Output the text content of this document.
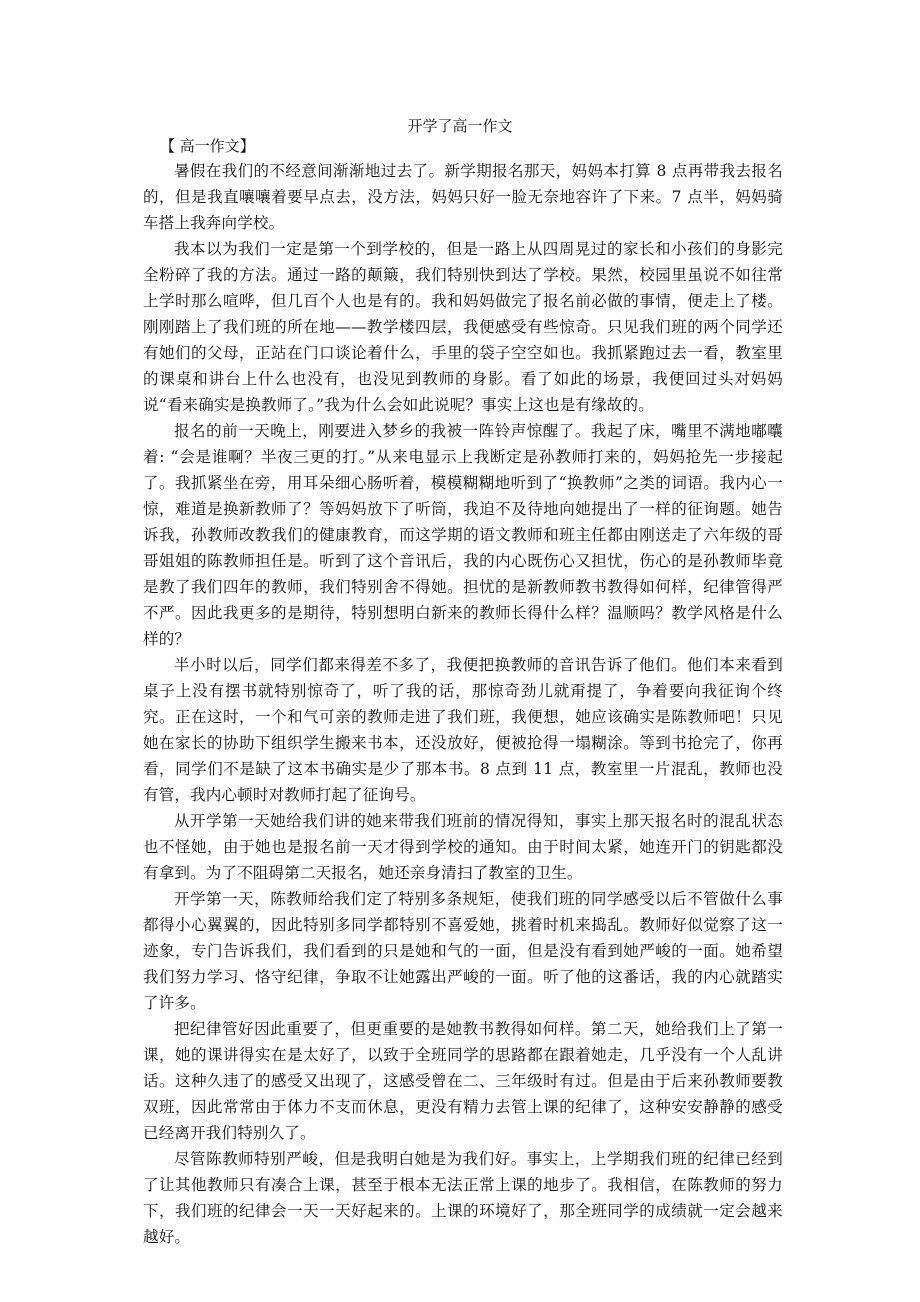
开学了高一作文
【 高一作文】

暑假在我们的不经意间渐渐地过去了。新学期报名那天，妈妈本打算 8 点再带我去报名的，但是我直嚷嚷着要早点去，没方法，妈妈只好一脸无奈地容许了下来。7 点半，妈妈骑车搭上我奔向学校。

我本以为我们一定是第一个到学校的，但是一路上从四周晃过的家长和小孩们的身影完全粉碎了我的方法。通过一路的颠簸，我们特别快到达了学校。果然，校园里虽说不如往常上学时那么喧哗，但几百个人也是有的。我和妈妈做完了报名前必做的事情，便走上了楼。刚刚踏上了我们班的所在地——教学楼四层，我便感受有些惊奇。只见我们班的两个同学还有她们的父母，正站在门口谈论着什么，手里的袋子空空如也。我抓紧跑过去一看，教室里的课桌和讲台上什么也没有，也没见到教师的身影。看了如此的场景，我便回过头对妈妈说“看来确实是换教师了。”我为什么会如此说呢？事实上这也是有缘故的。

报名的前一天晚上，刚要进入梦乡的我被一阵铃声惊醒了。我起了床，嘴里不满地嘟囔着: “会是谁啊？半夜三更的打。”从来电显示上我断定是孙教师打来的，妈妈抢先一步接起了。我抓紧坐在旁，用耳朵细心肠听着，模模糊糊地听到了“换教师”之类的词语。我内心一惊，难道是换新教师了？等妈妈放下了听筒，我迫不及待地向她提出了一样的征询题。她告诉我，孙教师改教我们的健康教育，而这学期的语文教师和班主任都由刚送走了六年级的哥哥姐姐的陈教师担任是。听到了这个音讯后，我的内心既伤心又担忧，伤心的是孙教师毕竟是教了我们四年的教师，我们特别舍不得她。担忧的是新教师教书教得如何样，纪律管得严不严。因此我更多的是期待，特别想明白新来的教师长得什么样？温顺吗？教学风格是什么样的？

半小时以后，同学们都来得差不多了，我便把换教师的音讯告诉了他们。他们本来看到桌子上没有摆书就特别惊奇了，听了我的话，那惊奇劲儿就甭提了，争着要向我征询个终究。正在这时，一个和气可亲的教师走进了我们班，我便想，她应该确实是陈教师吧！只见她在家长的协助下组织学生搬来书本，还没放好，便被抢得一塌糊涂。等到书抢完了，你再看，同学们不是缺了这本书确实是少了那本书。8 点到 11 点，教室里一片混乱，教师也没有管，我内心顿时对教师打起了征询号。

从开学第一天她给我们讲的她来带我们班前的情况得知，事实上那天报名时的混乱状态也不怪她，由于她也是报名前一天才得到学校的通知。由于时间太紧，她连开门的钥匙都没有拿到。为了不阻碍第二天报名，她还亲身清扫了教室的卫生。

开学第一天，陈教师给我们定了特别多条规矩，使我们班的同学感受以后不管做什么事都得小心翼翼的，因此特别多同学都特别不喜爱她，挑着时机来捣乱。教师好似觉察了这一迹象，专门告诉我们，我们看到的只是她和气的一面，但是没有看到她严峻的一面。她希望我们努力学习、恪守纪律，争取不让她露出严峻的一面。听了他的这番话，我的内心就踏实了许多。

把纪律管好因此重要了，但更重要的是她教书教得如何样。第二天，她给我们上了第一课，她的课讲得实在是太好了，以致于全班同学的思路都在跟着她走，几乎没有一个人乱讲话。这种久违了的感受又出现了，这感受曾在二、三年级时有过。但是由于后来孙教师要教双班，因此常常由于体力不支而休息，更没有精力去管上课的纪律了，这种安安静静的感受已经离开我们特别久了。

尽管陈教师特别严峻，但是我明白她是为我们好。事实上，上学期我们班的纪律已经到了让其他教师只有凑合上课，甚至于根本无法正常上课的地步了。我相信，在陈教师的努力下，我们班的纪律会一天一天好起来的。上课的环境好了，那全班同学的成绩就一定会越来越好。
